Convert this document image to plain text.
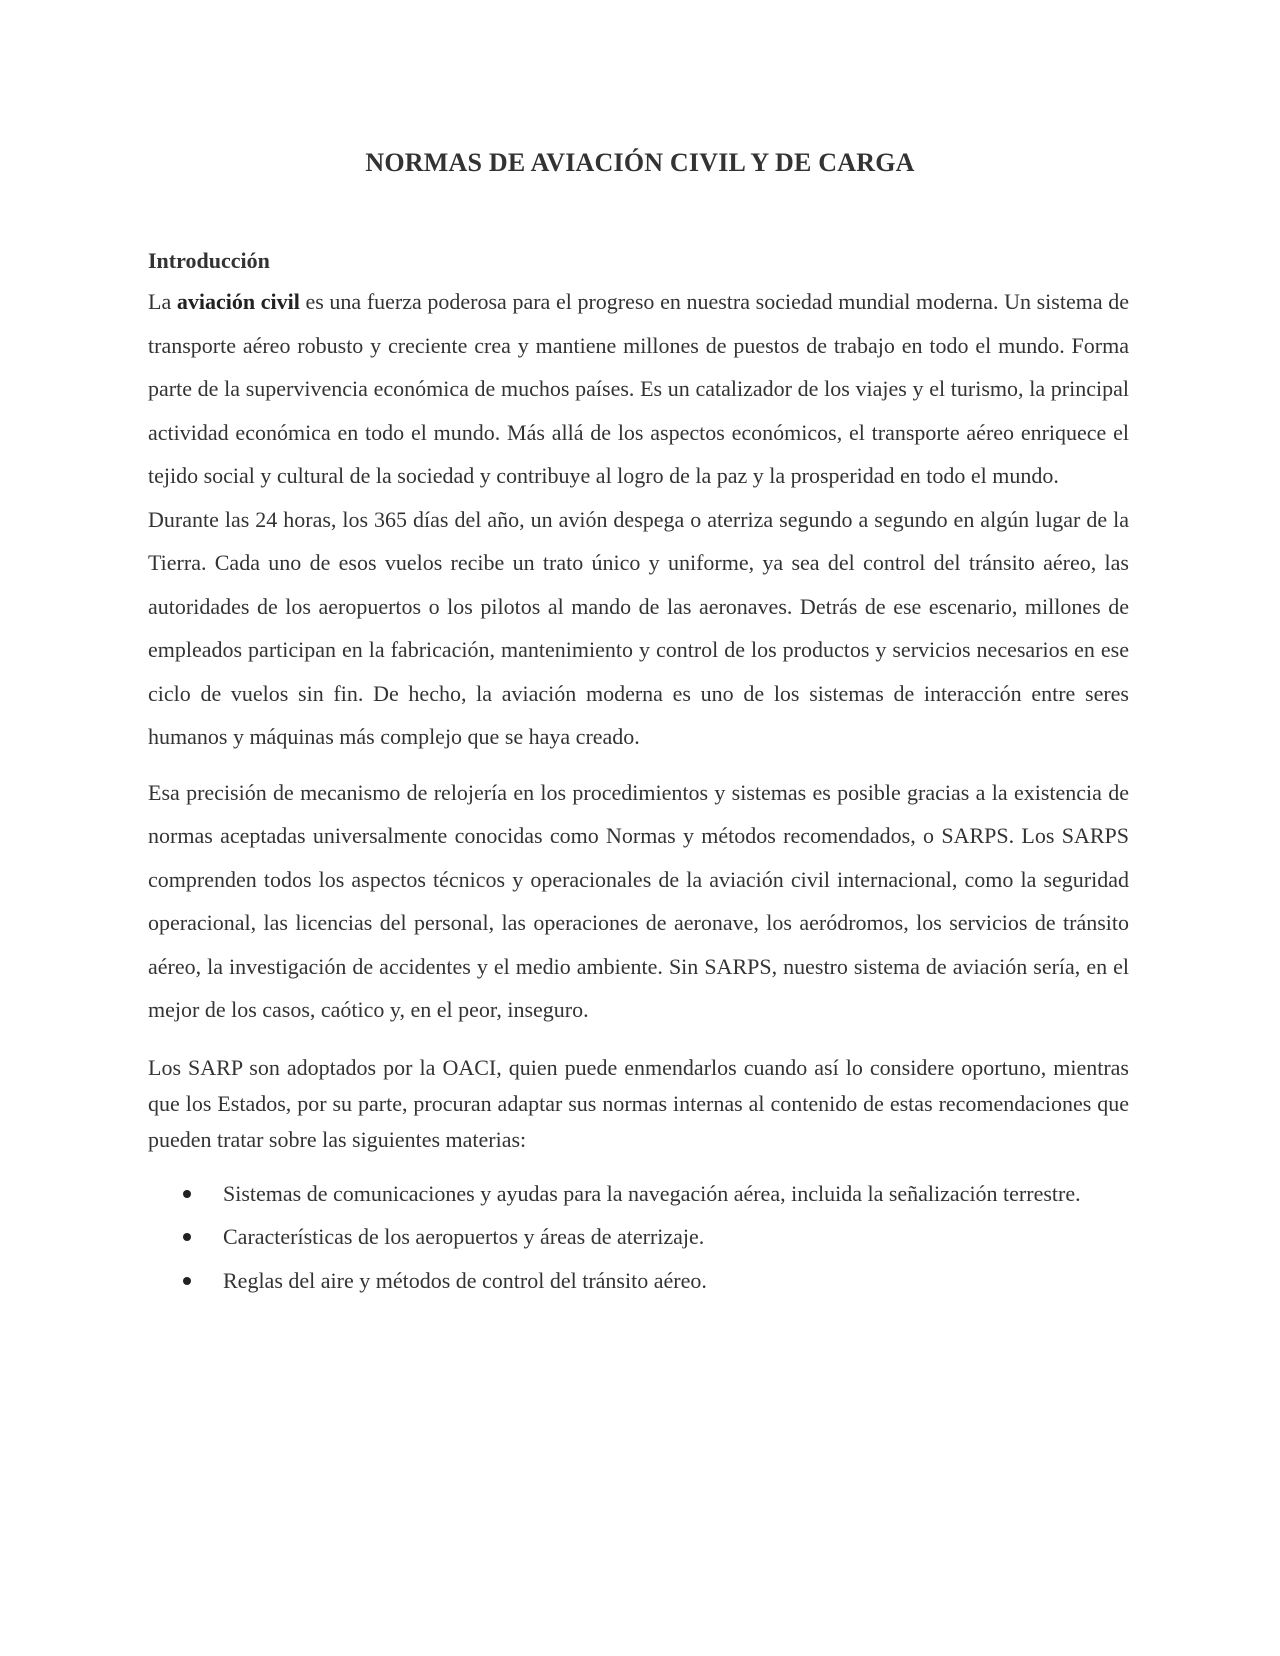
NORMAS DE AVIACIÓN CIVIL Y DE CARGA
Introducción

La aviación civil es una fuerza poderosa para el progreso en nuestra sociedad mundial moderna. Un sistema de transporte aéreo robusto y creciente crea y mantiene millones de puestos de trabajo en todo el mundo. Forma parte de la supervivencia económica de muchos países. Es un catalizador de los viajes y el turismo, la principal actividad económica en todo el mundo. Más allá de los aspectos económicos, el transporte aéreo enriquece el tejido social y cultural de la sociedad y contribuye al logro de la paz y la prosperidad en todo el mundo.

Durante las 24 horas, los 365 días del año, un avión despega o aterriza segundo a segundo en algún lugar de la Tierra. Cada uno de esos vuelos recibe un trato único y uniforme, ya sea del control del tránsito aéreo, las autoridades de los aeropuertos o los pilotos al mando de las aeronaves. Detrás de ese escenario, millones de empleados participan en la fabricación, mantenimiento y control de los productos y servicios necesarios en ese ciclo de vuelos sin fin. De hecho, la aviación moderna es uno de los sistemas de interacción entre seres humanos y máquinas más complejo que se haya creado.

Esa precisión de mecanismo de relojería en los procedimientos y sistemas es posible gracias a la existencia de normas aceptadas universalmente conocidas como Normas y métodos recomendados, o SARPS. Los SARPS comprenden todos los aspectos técnicos y operacionales de la aviación civil internacional, como la seguridad operacional, las licencias del personal, las operaciones de aeronave, los aeródromos, los servicios de tránsito aéreo, la investigación de accidentes y el medio ambiente. Sin SARPS, nuestro sistema de aviación sería, en el mejor de los casos, caótico y, en el peor, inseguro.

Los SARP son adoptados por la OACI, quien puede enmendarlos cuando así lo considere oportuno, mientras que los Estados, por su parte, procuran adaptar sus normas internas al contenido de estas recomendaciones que pueden tratar sobre las siguientes materias:

Sistemas de comunicaciones y ayudas para la navegación aérea, incluida la señalización terrestre.
Características de los aeropuertos y áreas de aterrizaje.
Reglas del aire y métodos de control del tránsito aéreo.
